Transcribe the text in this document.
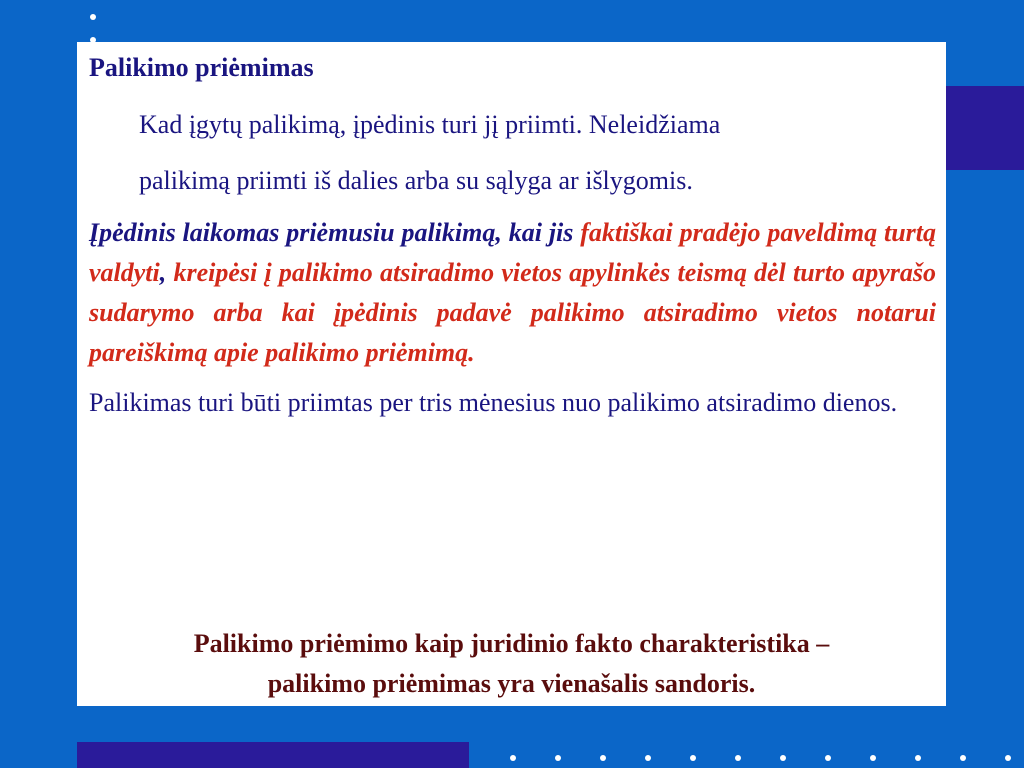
Palikimo priėmimas
Kad įgytų palikimą, įpėdinis turi jį priimti. Neleidžiama
palikimą priimti iš dalies arba su sąlyga ar išlygomis.
Įpėdinis laikomas priėmusiu palikimą, kai jis faktiškai pradėjo paveldimą turtą valdyti, kreipėsi į palikimo atsiradimo vietos apylinkės teismą dėl turto apyrašo sudarymo arba kai įpėdinis padavė palikimo atsiradimo vietos notarui pareiškimą apie palikimo priėmimą.
Palikimas turi būti priimtas per tris mėnesius nuo palikimo atsiradimo dienos.
Palikimo priėmimo kaip juridinio fakto charakteristika –
palikimo priėmimas yra vienašalis sandoris.
